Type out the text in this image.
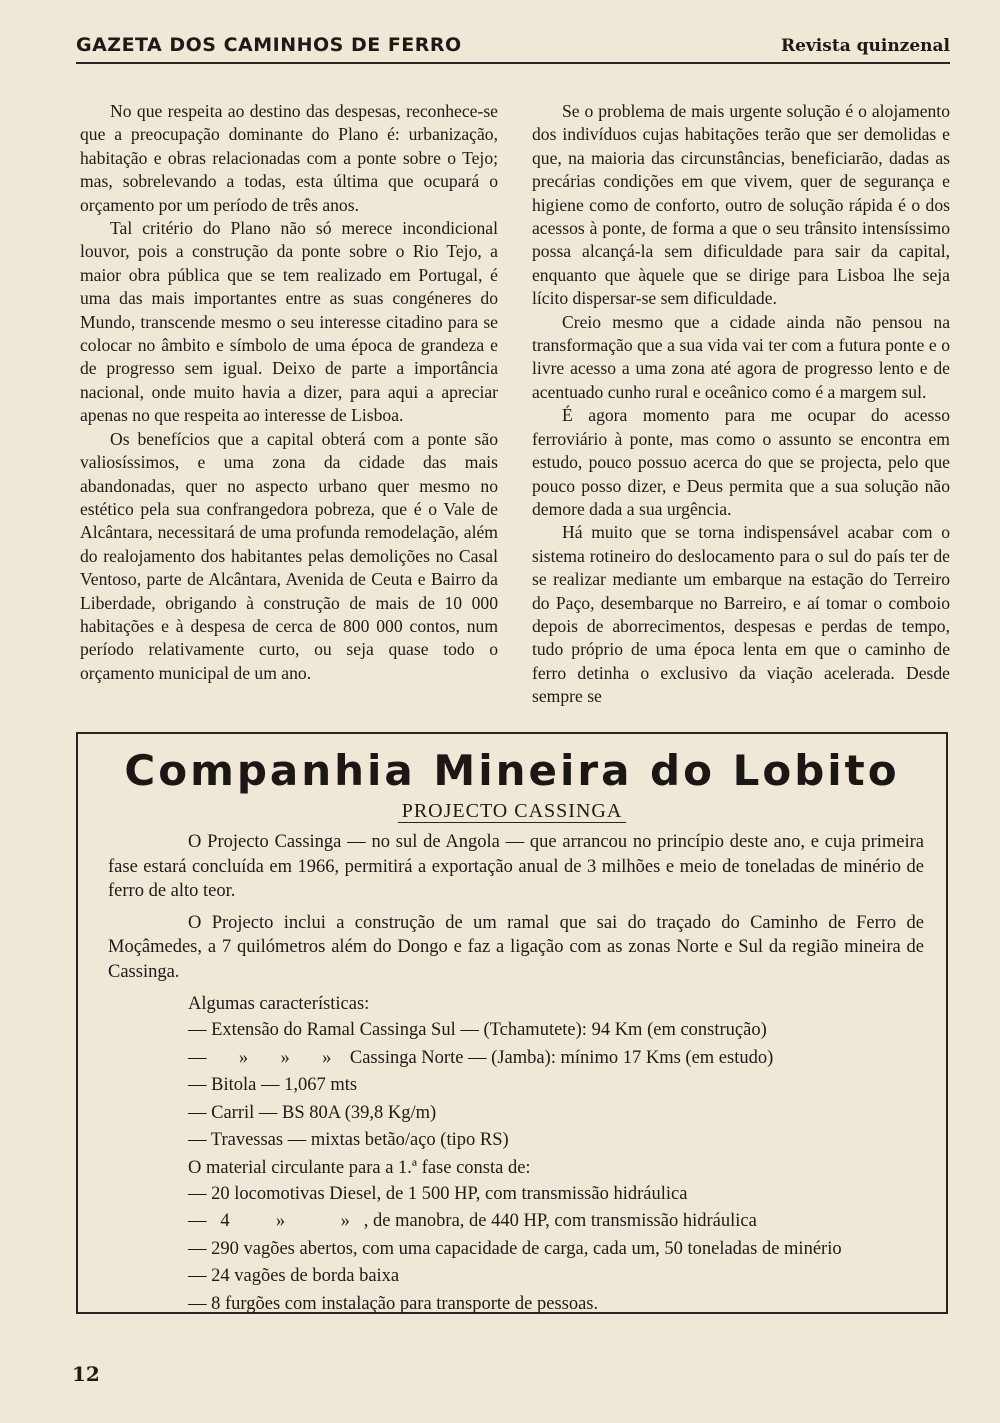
GAZETA DOS CAMINHOS DE FERRO	Revista quinzenal

No que respeita ao destino das despesas, reconhece-se que a preocupação dominante do Plano é: urbanização, habitação e obras relacionadas com a ponte sobre o Tejo; mas, sobrelevando a todas, esta última que ocupará o orçamento por um período de três anos.

Tal critério do Plano não só merece incondicional louvor, pois a construção da ponte sobre o Rio Tejo, a maior obra pública que se tem realizado em Portugal, é uma das mais importantes entre as suas congéneres do Mundo, transcende mesmo o seu interesse citadino para se colocar no âmbito e símbolo de uma época de grandeza e de progresso sem igual. Deixo de parte a importância nacional, onde muito havia a dizer, para aqui a apreciar apenas no que respeita ao interesse de Lisboa.

Os benefícios que a capital obterá com a ponte são valiosíssimos, e uma zona da cidade das mais abandonadas, quer no aspecto urbano quer mesmo no estético pela sua confrangedora pobreza, que é o Vale de Alcântara, necessitará de uma profunda remodelação, além do realojamento dos habitantes pelas demolições no Casal Ventoso, parte de Alcântara, Avenida de Ceuta e Bairro da Liberdade, obrigando à construção de mais de 10 000 habitações e à despesa de cerca de 800 000 contos, num período relativamente curto, ou seja quase todo o orçamento municipal de um ano.

Se o problema de mais urgente solução é o alojamento dos indivíduos cujas habitações terão que ser demolidas e que, na maioria das circunstâncias, beneficiarão, dadas as precárias condições em que vivem, quer de segurança e higiene como de conforto, outro de solução rápida é o dos acessos à ponte, de forma a que o seu trânsito intensíssimo possa alcançá-la sem dificuldade para sair da capital, enquanto que àquele que se dirige para Lisboa lhe seja lícito dispersar-se sem dificuldade.

Creio mesmo que a cidade ainda não pensou na transformação que a sua vida vai ter com a futura ponte e o livre acesso a uma zona até agora de progresso lento e de acentuado cunho rural e oceânico como é a margem sul.

É agora momento para me ocupar do acesso ferroviário à ponte, mas como o assunto se encontra em estudo, pouco possuo acerca do que se projecta, pelo que pouco posso dizer, e Deus permita que a sua solução não demore dada a sua urgência.

Há muito que se torna indispensável acabar com o sistema rotineiro do deslocamento para o sul do país ter de se realizar mediante um embarque na estação do Terreiro do Paço, desembarque no Barreiro, e aí tomar o comboio depois de aborrecimentos, despesas e perdas de tempo, tudo próprio de uma época lenta em que o caminho de ferro detinha o exclusivo da viação acelerada. Desde sempre se

Companhia Mineira do Lobito
PROJECTO CASSINGA

O Projecto Cassinga — no sul de Angola — que arrancou no princípio deste ano, e cuja primeira fase estará concluída em 1966, permitirá a exportação anual de 3 milhões e meio de toneladas de minério de ferro de alto teor.

O Projecto inclui a construção de um ramal que sai do traçado do Caminho de Ferro de Moçâmedes, a 7 quilómetros além do Dongo e faz a ligação com as zonas Norte e Sul da região mineira de Cassinga.

Algumas características:
— Extensão do Ramal Cassinga Sul — (Tchamutete): 94 Km (em construção)
—       »       »       »    Cassinga Norte — (Jamba): mínimo 17 Kms (em estudo)
— Bitola — 1,067 mts
— Carril — BS 80A (39,8 Kg/m)
— Travessas — mixtas betão/aço (tipo RS)
O material circulante para a 1.ª fase consta de:
— 20 locomotivas Diesel, de 1 500 HP, com transmissão hidráulica
—   4          »            »   , de manobra, de 440 HP, com transmissão hidráulica
— 290 vagões abertos, com uma capacidade de carga, cada um, 50 toneladas de minério
— 24 vagões de borda baixa
— 8 furgões com instalação para transporte de pessoas.
12
